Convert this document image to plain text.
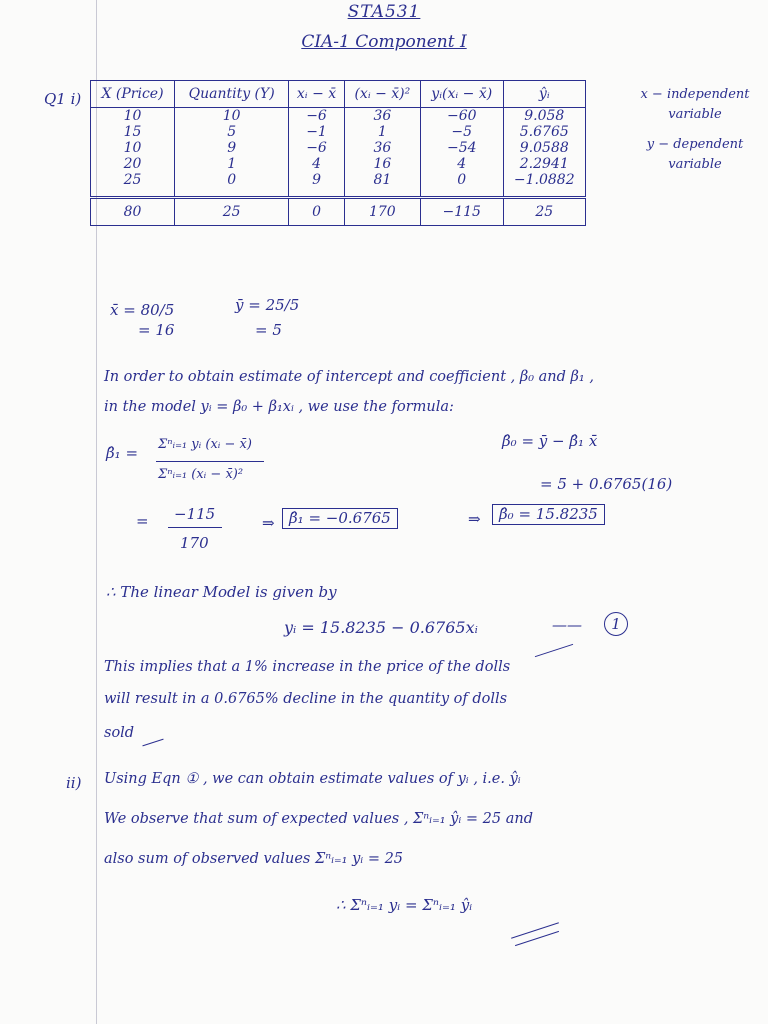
STA531
CIA-1 Component I
Q1 i) X (Price)	Quantity (Y)	xᵢ − x̄	(xᵢ − x̄)²	yᵢ(xᵢ − x̄)	ŷᵢ
10	10	−6	36	−60	9.058
15	5	−1	1	−5	5.6765
10	9	−6	36	−54	9.0588
20	1	4	16	4	2.2941
25	0	9	81	0	−1.0882
80	25	0	170	−115	25
x − independent
variable
y − dependent
variable
x̄ = 80/5
= 16
ȳ = 25/5
= 5
In order to obtain estimate of intercept and coefficient , β₀ and β₁ ,
in the model yᵢ = β₀ + β₁xᵢ , we use the formula:
β̂₁ = Σⁿᵢ₌₁ yᵢ (xᵢ − x̄)
Σⁿᵢ₌₁ (xᵢ − x̄)²
= −115
170
⇒ β̂₁ = −0.6765
β̂₀ = ȳ − β̂₁ x̄
= 5 + 0.6765(16)
⇒	β̂₀ = 15.8235
∴ The linear Model is given by
yᵢ = 15.8235 − 0.6765xᵢ	——	1
This implies that a 1% increase in the price of the dolls
will result in a 0.6765% decline in the quantity of dolls
sold
ii) Using Eqn ① , we can obtain estimate values of yᵢ , i.e. ŷᵢ
We observe that sum of expected values , Σⁿᵢ₌₁ ŷᵢ = 25 and
also sum of observed values Σⁿᵢ₌₁ yᵢ = 25
∴ Σⁿᵢ₌₁ yᵢ = Σⁿᵢ₌₁ ŷᵢ
